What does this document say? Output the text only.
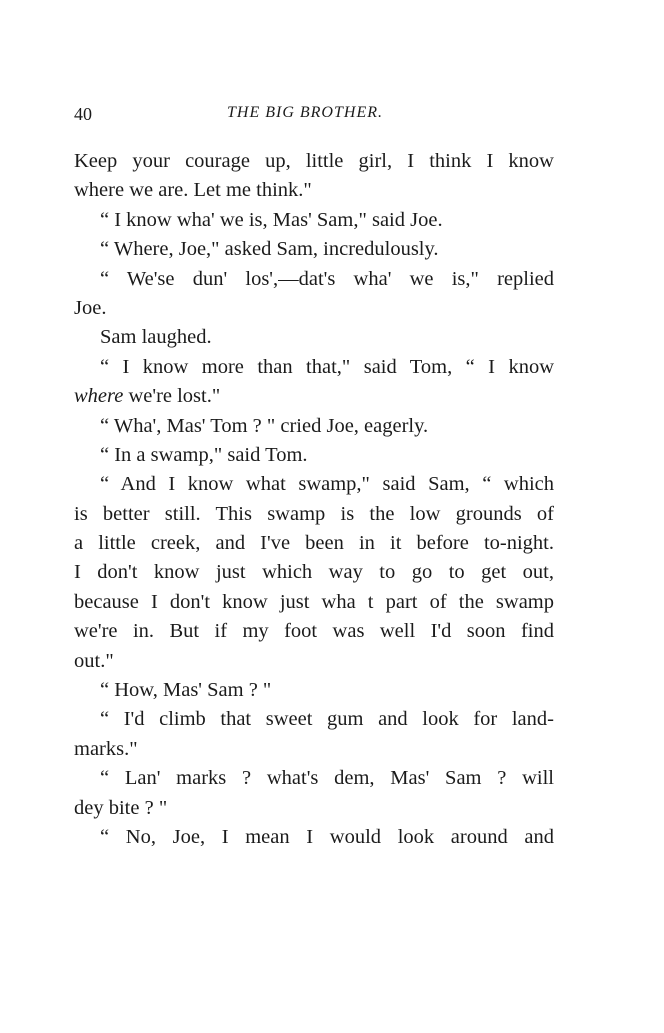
40	THE BIG BROTHER.
Keep your courage up, little girl, I think I know
where we are. Let me think."
“ I know wha' we is, Mas' Sam," said Joe.
“ Where, Joe," asked Sam, incredulously.
“ We'se dun' los',—dat's wha' we is," replied
Joe.
Sam laughed.
“ I know more than that," said Tom, “ I know
where we're lost."
“ Wha', Mas' Tom ? " cried Joe, eagerly.
“ In a swamp," said Tom.
“ And I know what swamp," said Sam, “ which
is better still. This swamp is the low grounds of
a little creek, and I've been in it before to-night.
I don't know just which way to go to get out,
because I don't know just wha t part of the swamp
we're in. But if my foot was well I'd soon find
out."
“ How, Mas' Sam ? "
“ I'd climb that sweet gum and look for land-
marks."
“ Lan' marks ? what's dem, Mas' Sam ? will
dey bite ? "
“ No, Joe, I mean I would look around and
